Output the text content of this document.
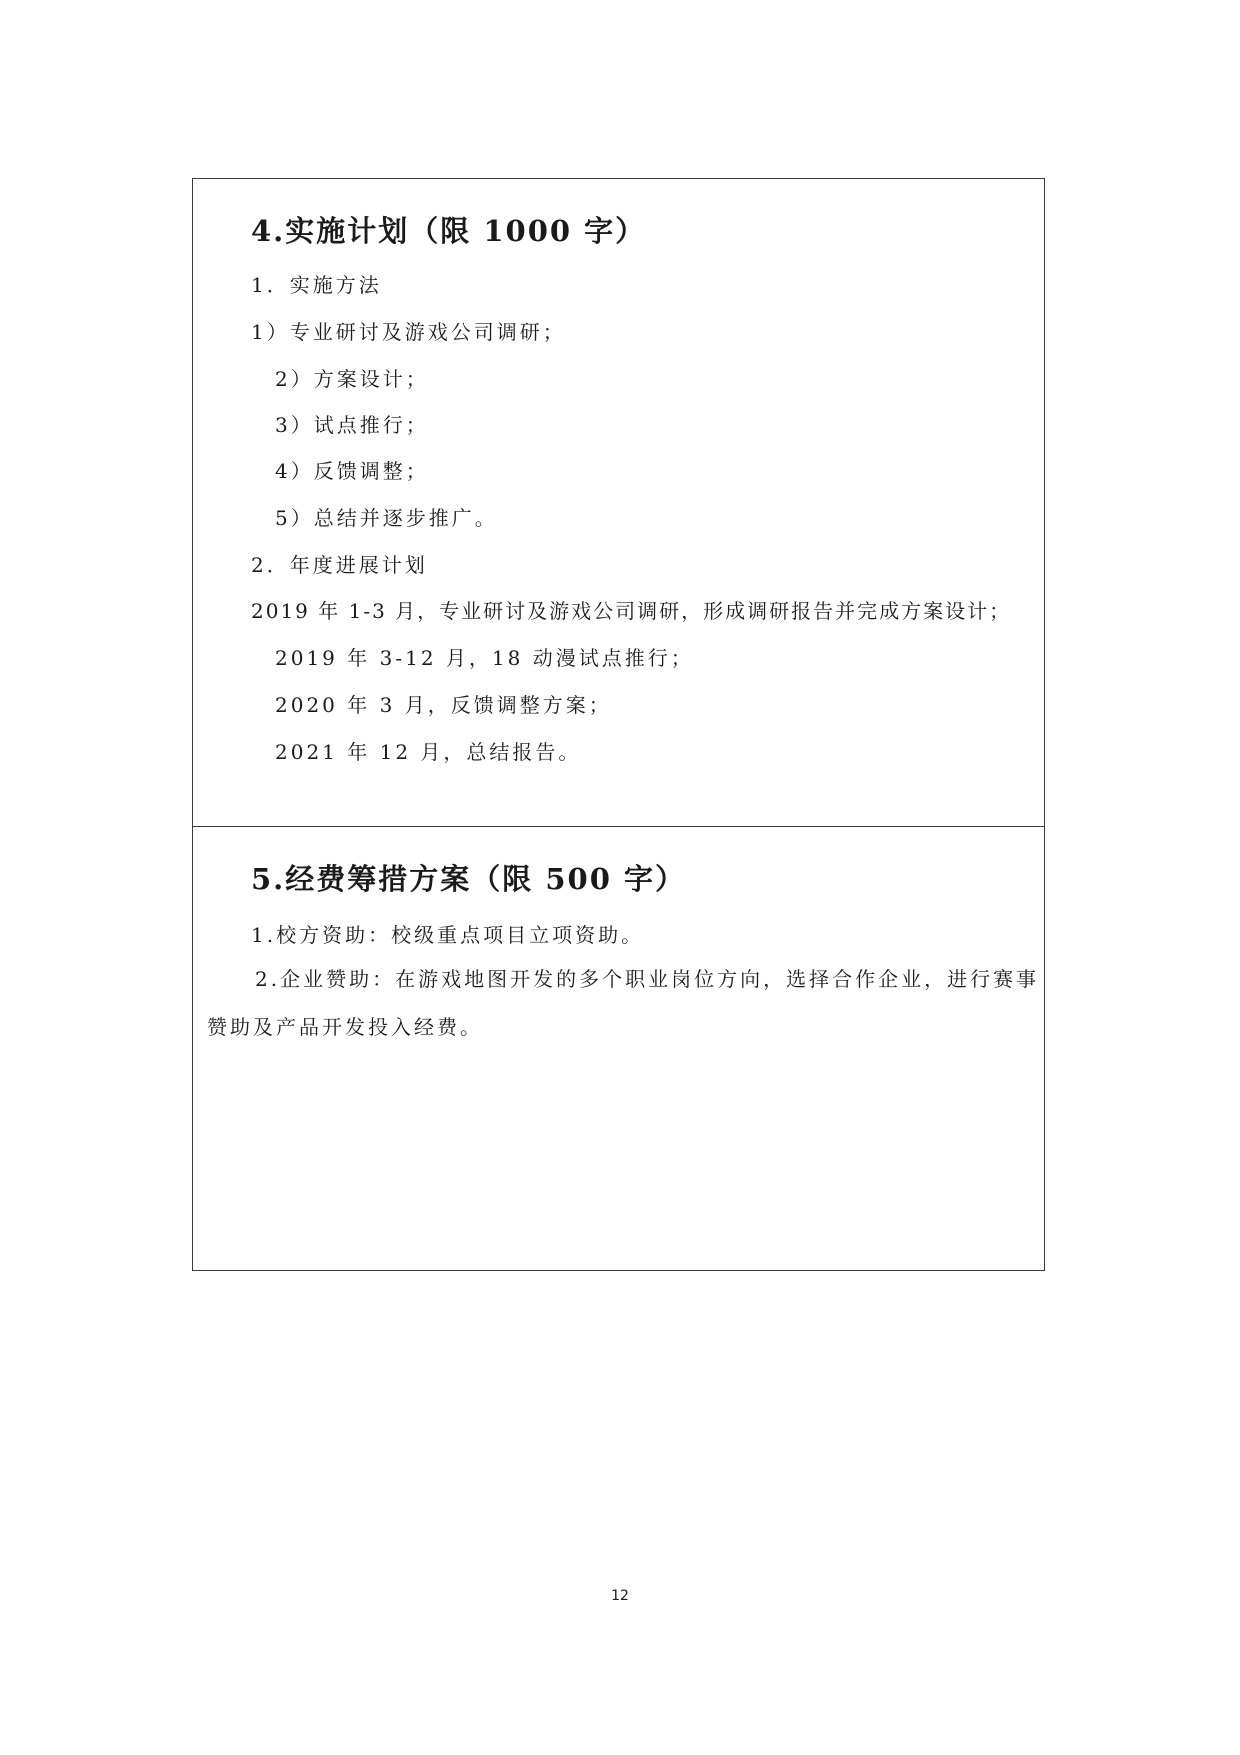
4.实施计划（限 1000 字）
1．实施方法
1）专业研讨及游戏公司调研；
2）方案设计；
3）试点推行；
4）反馈调整；
5）总结并逐步推广。
2．年度进展计划
2019 年 1-3 月，专业研讨及游戏公司调研，形成调研报告并完成方案设计；
2019 年 3-12 月，18 动漫试点推行；
2020 年 3 月，反馈调整方案；
2021 年 12 月，总结报告。
5.经费筹措方案（限 500 字）
1.校方资助：校级重点项目立项资助。
2.企业赞助：在游戏地图开发的多个职业岗位方向，选择合作企业，进行赛事赞助及产品开发投入经费。
12
